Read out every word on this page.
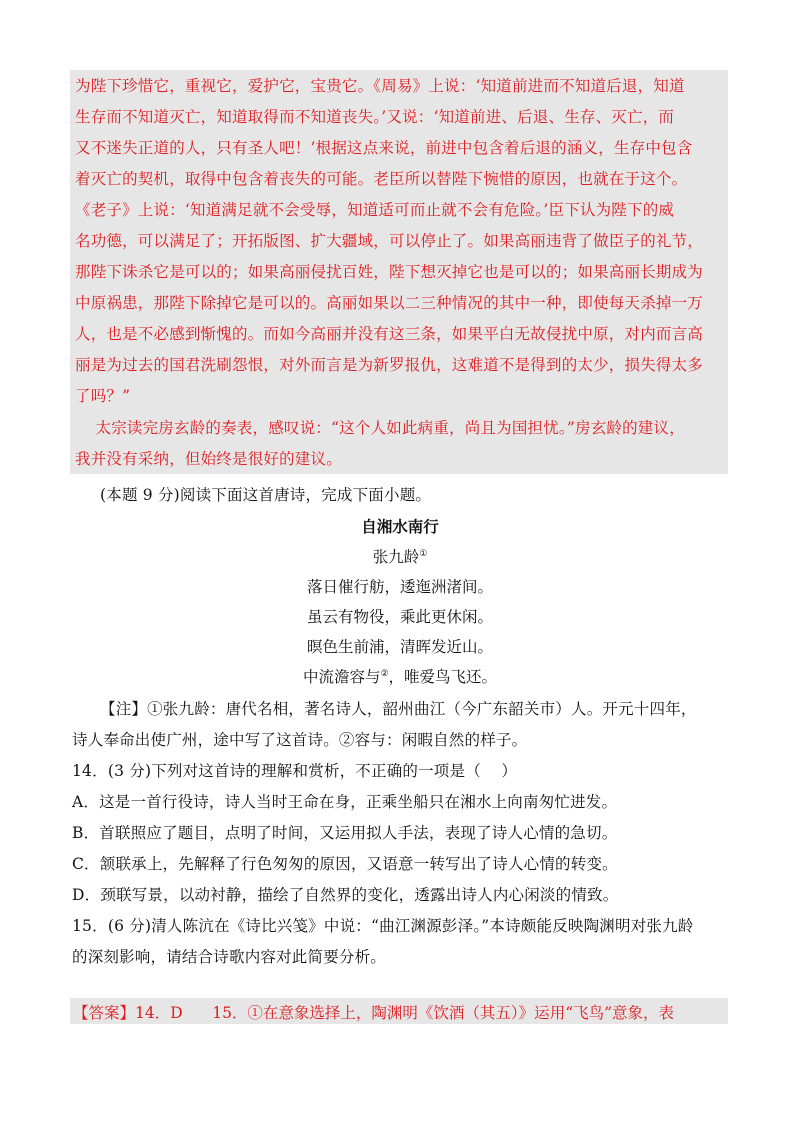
为陛下珍惜它，重视它，爱护它，宝贵它。《周易》上说：‘知道前进而不知道后退，知道
生存而不知道灭亡，知道取得而不知道丧失。’又说：‘知道前进、后退、生存、灭亡，而
又不迷失正道的人，只有圣人吧！’根据这点来说，前进中包含着后退的涵义，生存中包含
着灭亡的契机，取得中包含着丧失的可能。老臣所以替陛下惋惜的原因，也就在于这个。
《老子》上说：‘知道满足就不会受辱，知道适可而止就不会有危险。’臣下认为陛下的威
名功德，可以满足了；开拓版图、扩大疆域，可以停止了。如果高丽违背了做臣子的礼节，
那陛下诛杀它是可以的；如果高丽侵扰百姓，陛下想灭掉它也是可以的；如果高丽长期成为
中原祸患，那陛下除掉它是可以的。高丽如果以二三种情况的其中一种，即使每天杀掉一万
人，也是不必感到惭愧的。而如今高丽并没有这三条，如果平白无故侵扰中原，对内而言高
丽是为过去的国君洗刷怨恨，对外而言是为新罗报仇，这难道不是得到的太少，损失得太多
了吗？”
太宗读完房玄龄的奏表，感叹说：“这个人如此病重，尚且为国担忧。”房玄龄的建议，
我并没有采纳，但始终是很好的建议。
(本题 9 分)阅读下面这首唐诗，完成下面小题。
自湘水南行
张九龄①
落日催行舫，逶迤洲渚间。
虽云有物役，乘此更休闲。
暝色生前浦，清晖发近山。
中流澹容与②，唯爱鸟飞还。
【注】①张九龄：唐代名相，著名诗人，韶州曲江（今广东韶关市）人。开元十四年，
诗人奉命出使广州，途中写了这首诗。②容与：闲暇自然的样子。
14．(3 分)下列对这首诗的理解和赏析，不正确的一项是（    ）
A．这是一首行役诗，诗人当时王命在身，正乘坐船只在湘水上向南匆忙进发。
B．首联照应了题目，点明了时间，又运用拟人手法，表现了诗人心情的急切。
C．颔联承上，先解释了行色匆匆的原因，又语意一转写出了诗人心情的转变。
D．颈联写景，以动衬静，描绘了自然界的变化，透露出诗人内心闲淡的情致。
15．(6 分)清人陈沆在《诗比兴笺》中说：“曲江渊源彭泽。”本诗颇能反映陶渊明对张九龄
的深刻影响，请结合诗歌内容对此简要分析。
【答案】14．D      15．①在意象选择上，陶渊明《饮酒（其五）》运用“飞鸟”意象，表
